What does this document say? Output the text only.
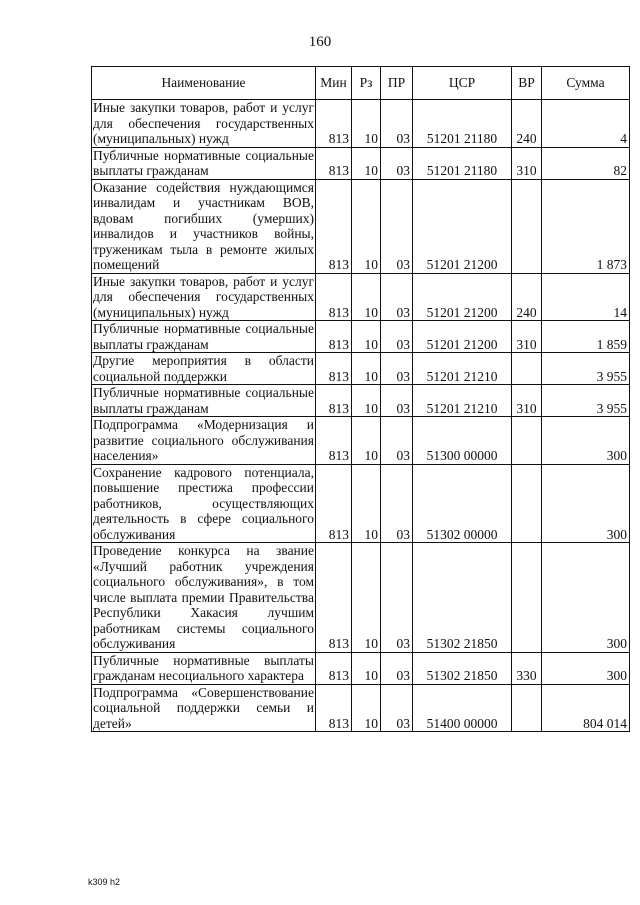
160
Наименование	Мин	Рз	ПР	ЦСР	ВР	Сумма
Иные закупки товаров, работ и услуг для обеспечения государственных (муниципальных) нужд	813	10	03	51201 21180	240	4
Публичные нормативные социальные выплаты гражданам	813	10	03	51201 21180	310	82
Оказание содействия нуждающимся инвалидам и участникам ВОВ, вдовам погибших (умерших) инвалидов и участников войны, труженикам тыла в ремонте жилых помещений	813	10	03	51201 21200		1 873
Иные закупки товаров, работ и услуг для обеспечения государственных (муниципальных) нужд	813	10	03	51201 21200	240	14
Публичные нормативные социальные выплаты гражданам	813	10	03	51201 21200	310	1 859
Другие мероприятия в области социальной поддержки	813	10	03	51201 21210		3 955
Публичные нормативные социальные выплаты гражданам	813	10	03	51201 21210	310	3 955
Подпрограмма «Модернизация и развитие социального обслуживания населения»	813	10	03	51300 00000		300
Сохранение кадрового потенциала, повышение престижа профессии работников, осуществляющих деятельность в сфере социального обслуживания	813	10	03	51302 00000		300
Проведение конкурса на звание «Лучший работник учреждения социального обслуживания», в том числе выплата премии Правительства Республики Хакасия лучшим работникам системы социального обслуживания	813	10	03	51302 21850		300
Публичные нормативные выплаты гражданам несоциального характера	813	10	03	51302 21850	330	300
Подпрограмма «Совершенствование социальной поддержки семьи и детей»	813	10	03	51400 00000		804 014
k309 h2
